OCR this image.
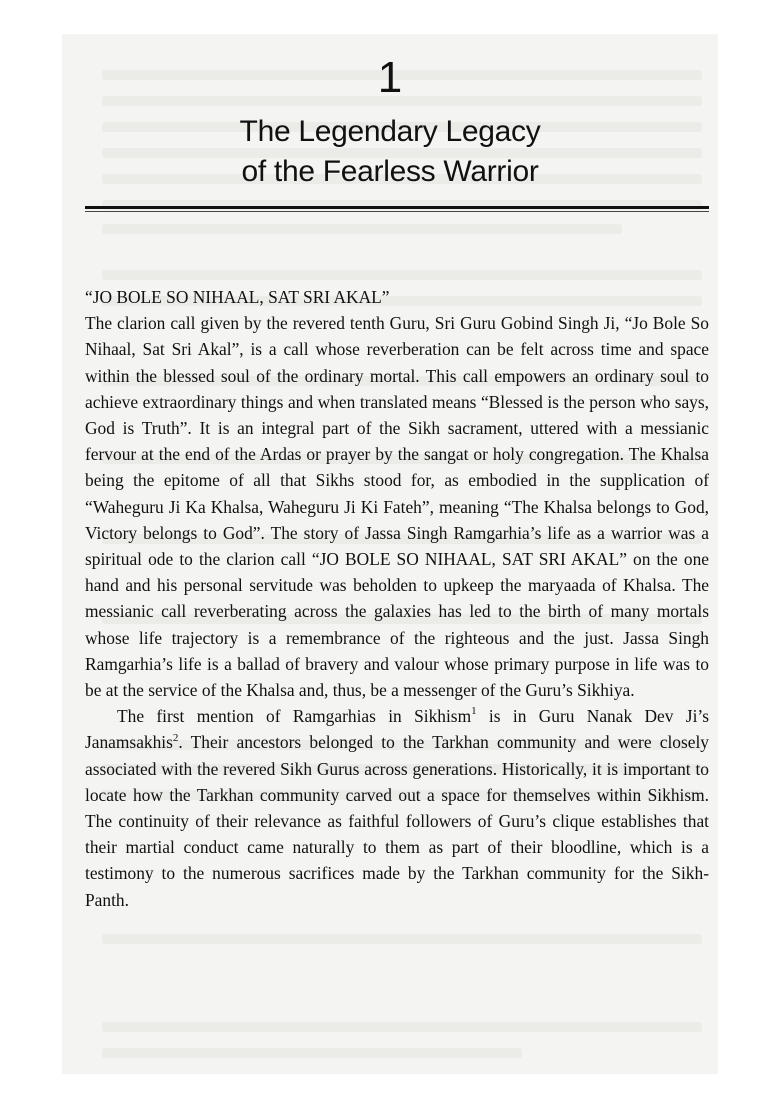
1
The Legendary Legacy
of the Fearless Warrior

“JO BOLE SO NIHAAL, SAT SRI AKAL”

The clarion call given by the revered tenth Guru, Sri Guru Gobind Singh Ji, “Jo Bole So Nihaal, Sat Sri Akal”, is a call whose reverberation can be felt across time and space within the blessed soul of the ordinary mortal. This call empowers an ordinary soul to achieve extraordinary things and when translated means “Blessed is the person who says, God is Truth”. It is an integral part of the Sikh sacrament, uttered with a messianic fervour at the end of the Ardas or prayer by the sangat or holy congregation. The Khalsa being the epitome of all that Sikhs stood for, as embodied in the supplication of “Waheguru Ji Ka Khalsa, Waheguru Ji Ki Fateh”, meaning “The Khalsa belongs to God, Victory belongs to God”. The story of Jassa Singh Ramgarhia’s life as a warrior was a spiritual ode to the clarion call “JO BOLE SO NIHAAL, SAT SRI AKAL” on the one hand and his personal servitude was beholden to upkeep the maryaada of Khalsa. The messianic call reverberating across the galaxies has led to the birth of many mortals whose life trajectory is a remembrance of the righteous and the just. Jassa Singh Ramgarhia’s life is a ballad of bravery and valour whose primary purpose in life was to be at the service of the Khalsa and, thus, be a messenger of the Guru’s Sikhiya.

The first mention of Ramgarhias in Sikhism$^1$ is in Guru Nanak Dev Ji’s Janamsakhis$^2$. Their ancestors belonged to the Tarkhan community and were closely associated with the revered Sikh Gurus across generations. Historically, it is important to locate how the Tarkhan community carved out a space for themselves within Sikhism. The continuity of their relevance as faithful followers of Guru’s clique establishes that their martial conduct came naturally to them as part of their bloodline, which is a testimony to the numerous sacrifices made by the Tarkhan community for the Sikh-Panth.
